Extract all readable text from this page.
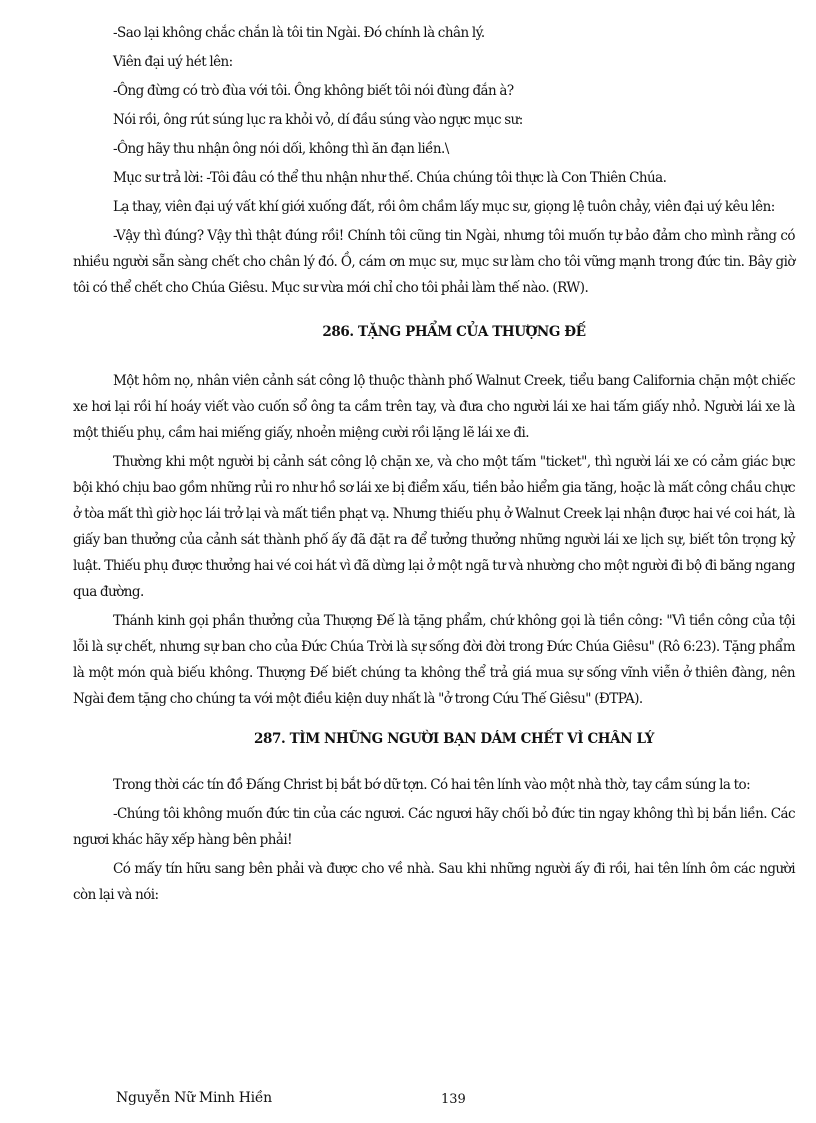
-Sao lại không chắc chắn là tôi tin Ngài. Đó chính là chân lý.

Viên đại uý hét lên:

-Ông đừng có trò đùa với tôi. Ông không biết tôi nói đùng đắn à?

Nói rồi, ông rút súng lục ra khỏi vỏ, dí đầu súng vào ngực mục sư:

-Ông hãy thu nhận ông nói dối, không thì ăn đạn liền.\

Mục sư trả lời: -Tôi đâu có thể thu nhận như thế. Chúa chúng tôi thực là Con Thiên Chúa.

Lạ thay, viên đại uý vất khí giới xuống đất, rồi ôm chầm lấy mục sư, giọng lệ tuôn chảy, viên đại uý kêu lên:

-Vậy thì đúng? Vậy thì thật đúng rồi! Chính tôi cũng tin Ngài, nhưng tôi muốn tự bảo đảm cho mình rằng có nhiều người sẵn sàng chết cho chân lý đó. Ồ, cám ơn mục sư, mục sư làm cho tôi vững mạnh trong đức tin. Bây giờ tôi có thể chết cho Chúa Giêsu. Mục sư vừa mới chỉ cho tôi phải làm thế nào. (RW).

286. TẶNG PHẨM CỦA THƯỢNG ĐẾ

Một hôm nọ, nhân viên cảnh sát công lộ thuộc thành phố Walnut Creek, tiểu bang California chặn một chiếc xe hơi lại rồi hí hoáy viết vào cuốn sổ ông ta cầm trên tay, và đưa cho người lái xe hai tấm giấy nhỏ. Người lái xe là một thiếu phụ, cầm hai miếng giấy, nhoẻn miệng cười rồi lặng lẽ lái xe đi.

Thường khi một người bị cảnh sát công lộ chặn xe, và cho một tấm "ticket", thì người lái xe có cảm giác bực bội khó chịu bao gồm những rủi ro như hồ sơ lái xe bị điểm xấu, tiền bảo hiểm gia tăng, hoặc là mất công chầu chực ở tòa mất thì giờ học lái trở lại và mất tiền phạt vạ. Nhưng thiếu phụ ở Walnut Creek lại nhận được hai vé coi hát, là giấy ban thưởng của cảnh sát thành phố ấy đã đặt ra để tưởng thưởng những người lái xe lịch sự, biết tôn trọng kỷ luật. Thiếu phụ được thưởng hai vé coi hát vì đã dừng lại ở một ngã tư và nhường cho một người đi bộ đi băng ngang qua đường.

Thánh kinh gọi phần thưởng của Thượng Đế là tặng phẩm, chứ không gọi là tiền công: "Vì tiền công của tội lỗi là sự chết, nhưng sự ban cho của Đức Chúa Trời là sự sống đời đời trong Đức Chúa Giêsu" (Rô 6:23). Tặng phẩm là một món quà biếu không. Thượng Đế biết chúng ta không thể trả giá mua sự sống vĩnh viễn ở thiên đàng, nên Ngài đem tặng cho chúng ta với một điều kiện duy nhất là "ở trong Cứu Thế Giêsu" (ĐTPA).

287. TÌM NHỮNG NGƯỜI BẠN DÁM CHẾT VÌ CHÂN LÝ

Trong thời các tín đồ Đấng Christ bị bắt bớ dữ tợn. Có hai tên lính vào một nhà thờ, tay cầm súng la to:

-Chúng tôi không muốn đức tin của các ngươi. Các ngươi hãy chối bỏ đức tin ngay không thì bị bắn liền. Các ngươi khác hãy xếp hàng bên phải!

Có mấy tín hữu sang bên phải và được cho về nhà. Sau khi những người ấy đi rồi, hai tên lính ôm các người còn lại và nói:

Nguyễn Nữ Minh Hiền	139
